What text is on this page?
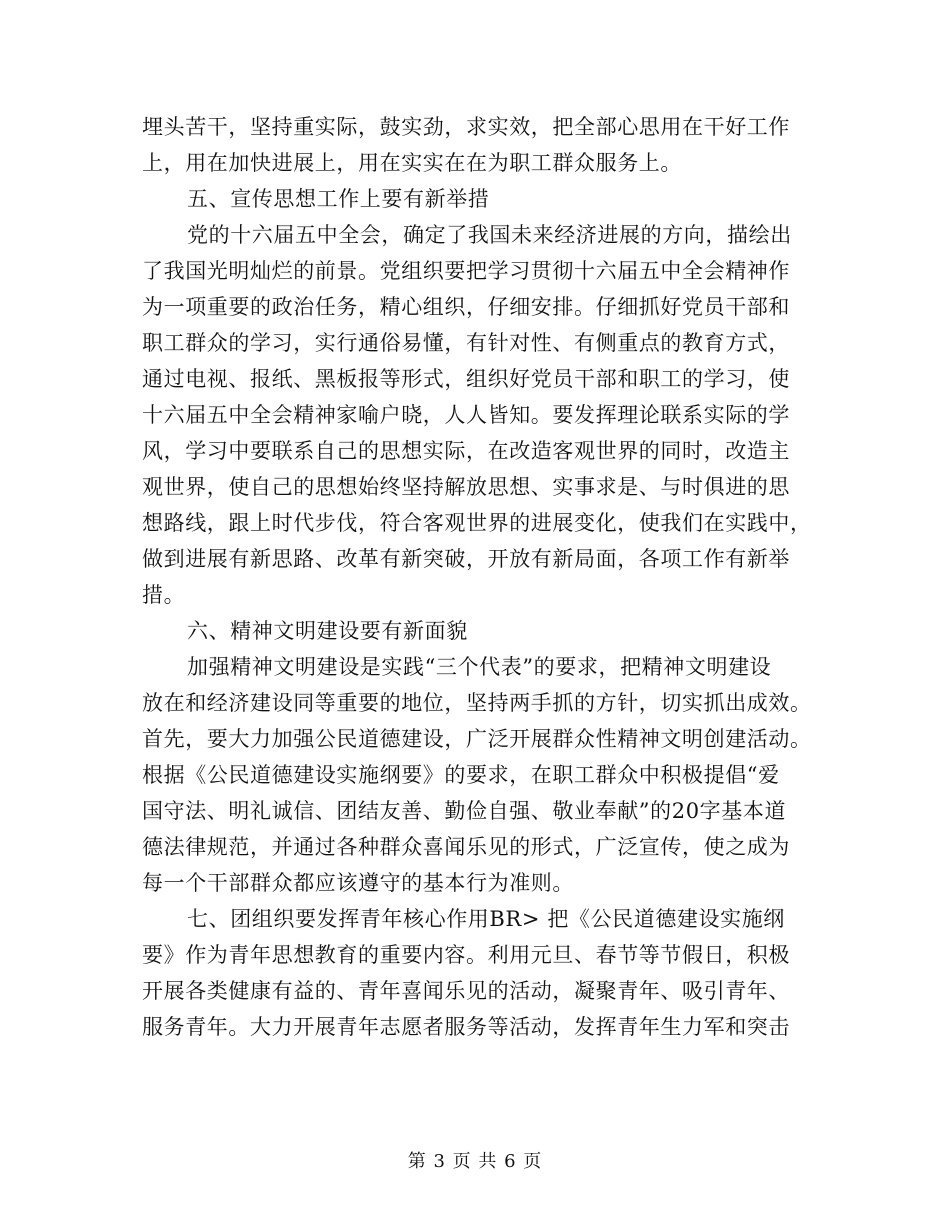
埋头苦干，坚持重实际，鼓实劲，求实效，把全部心思用在干好工作
上，用在加快进展上，用在实实在在为职工群众服务上。
五、宣传思想工作上要有新举措
党的十六届五中全会，确定了我国未来经济进展的方向，描绘出
了我国光明灿烂的前景。党组织要把学习贯彻十六届五中全会精神作
为一项重要的政治任务，精心组织，仔细安排。仔细抓好党员干部和
职工群众的学习，实行通俗易懂，有针对性、有侧重点的教育方式，
通过电视、报纸、黑板报等形式，组织好党员干部和职工的学习，使
十六届五中全会精神家喻户晓，人人皆知。要发挥理论联系实际的学
风，学习中要联系自己的思想实际，在改造客观世界的同时，改造主
观世界，使自己的思想始终坚持解放思想、实事求是、与时俱进的思
想路线，跟上时代步伐，符合客观世界的进展变化，使我们在实践中，
做到进展有新思路、改革有新突破，开放有新局面，各项工作有新举
措。
六、精神文明建设要有新面貌
加强精神文明建设是实践“三个代表”的要求，把精神文明建设
放在和经济建设同等重要的地位，坚持两手抓的方针，切实抓出成效。
首先，要大力加强公民道德建设，广泛开展群众性精神文明创建活动。
根据《公民道德建设实施纲要》的要求，在职工群众中积极提倡“爱
国守法、明礼诚信、团结友善、勤俭自强、敬业奉献”的20字基本道
德法律规范，并通过各种群众喜闻乐见的形式，广泛宣传，使之成为
每一个干部群众都应该遵守的基本行为准则。
七、团组织要发挥青年核心作用BR> 把《公民道德建设实施纲
要》作为青年思想教育的重要内容。利用元旦、春节等节假日，积极
开展各类健康有益的、青年喜闻乐见的活动，凝聚青年、吸引青年、
服务青年。大力开展青年志愿者服务等活动，发挥青年生力军和突击
第 3 页 共 6 页
